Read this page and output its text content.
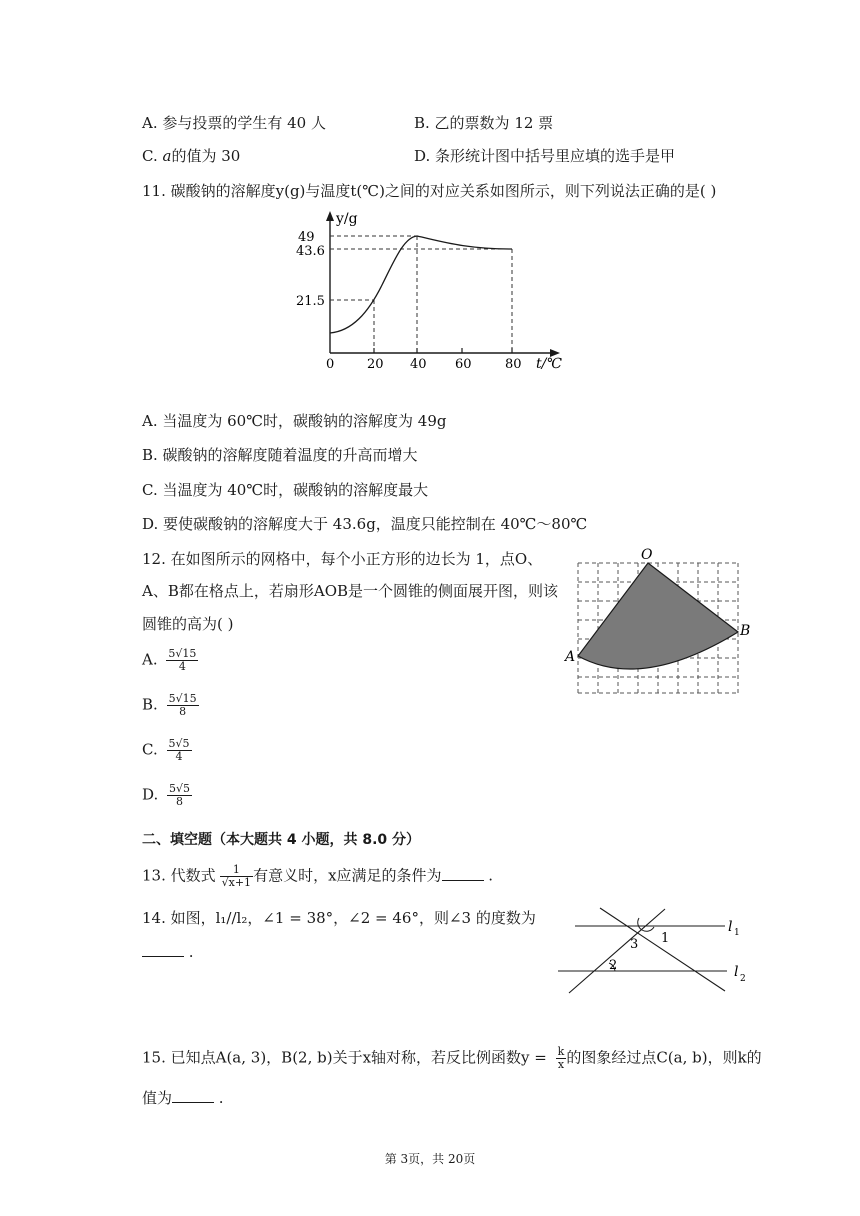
A. 参与投票的学生有 40 人	B. 乙的票数为 12 票
C. a的值为 30	D. 条形统计图中括号里应填的选手是甲
11. 碳酸钠的溶解度y(g)与温度t(℃)之间的对应关系如图所示，则下列说法正确的是( )
y/g
49
43.6
21.5
0	20 40 60	80 t/℃
A. 当温度为 60℃时，碳酸钠的溶解度为 49g
B. 碳酸钠的溶解度随着温度的升高而增大
C. 当温度为 40℃时，碳酸钠的溶解度最大
D. 要使碳酸钠的溶解度大于 43.6g，温度只能控制在 40℃～80℃
12. 在如图所示的网格中，每个小正方形的边长为 1，点O、
A、B都在格点上，若扇形AOB是一个圆锥的侧面展开图，则该
圆锥的高为( )
A. $\frac{5√15}{4}$
B. $\frac{5√15}{8}$
C. $\frac{5√5}{4}$
D. $\frac{5√5}{8}$
O
A
B
二、填空题（本大题共 4 小题，共 8.0 分）
13. 代数式 $\frac{1}{√x+1}$ 有意义时，x应满足的条件为	.
14. 如图，l₁//l₂，∠1 = 38°，∠2 = 46°，则∠3 的度数为
.	3 1
2
l 1
l 2
15. 已知点A(a, 3)，B(2, b)关于x轴对称，若反比例函数$y = \frac{k}{x}$ 的图象经过点C(a, b)，则k的
值为	.
第 3页，共 20页
